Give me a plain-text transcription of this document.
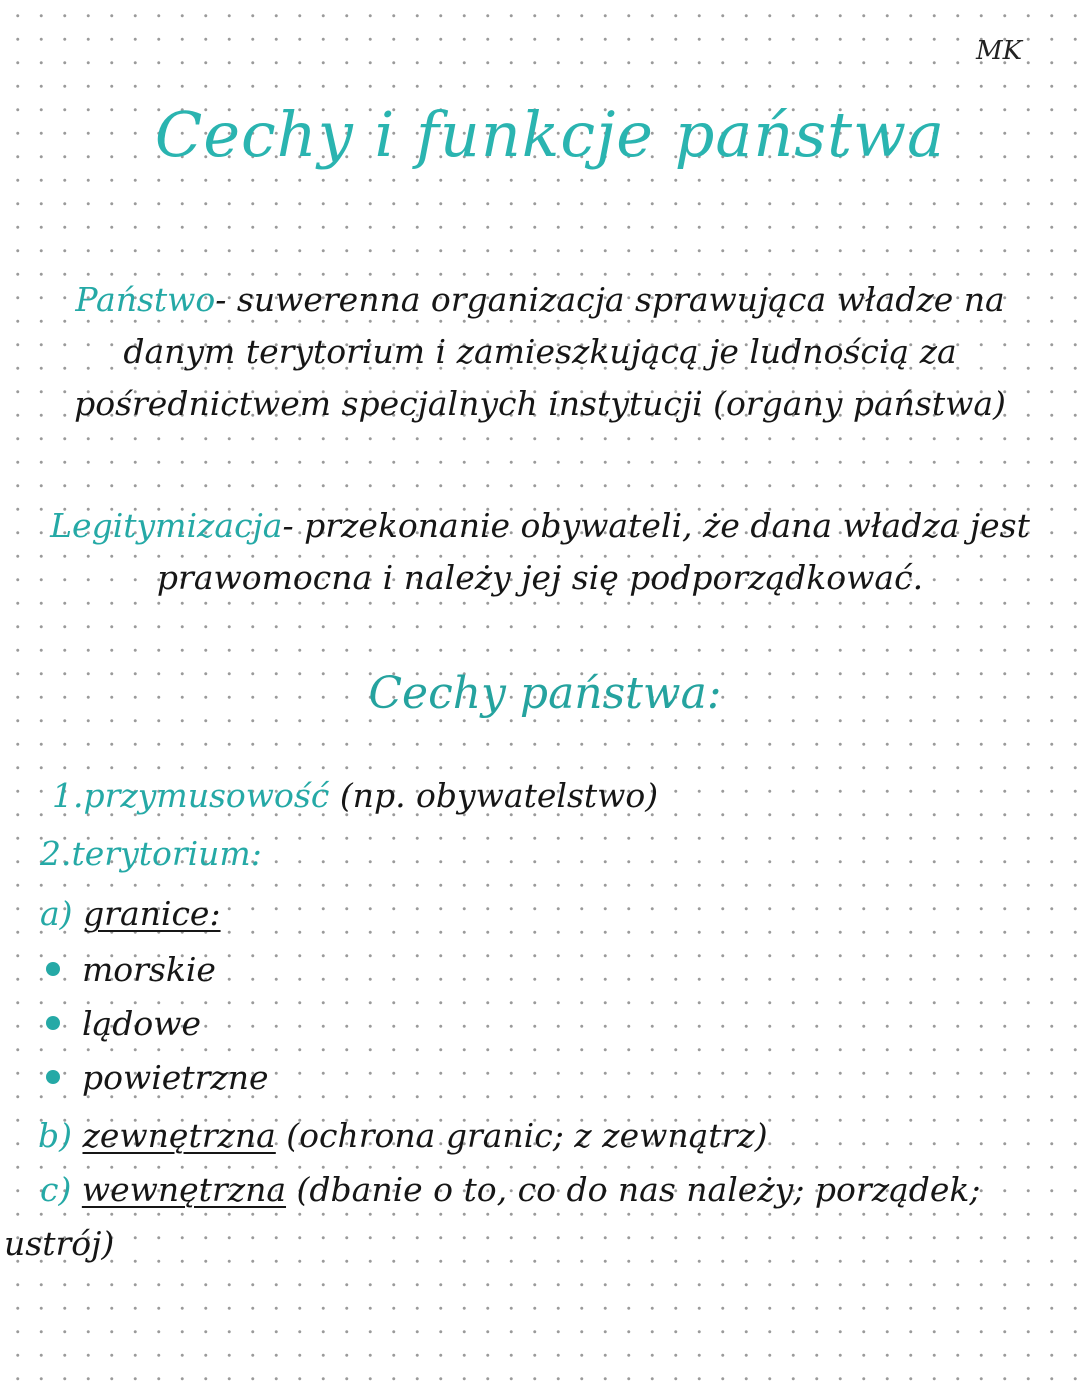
MK
Cechy i funkcje państwa
Państwo- suwerenna organizacja sprawująca władze na
danym terytorium i zamieszkującą je ludnością za
pośrednictwem specjalnych instytucji (organy państwa)
Legitymizacja- przekonanie obywateli, że dana władza jest
prawomocna i należy jej się podporządkować.
Cechy państwa:
1.przymusowość (np. obywatelstwo)
2.terytorium:
a) granice:
morskie
lądowe
powietrzne
b) zewnętrzna (ochrona granic; z zewnątrz)
c) wewnętrzna (dbanie o to, co do nas należy; porządek;
ustrój)
